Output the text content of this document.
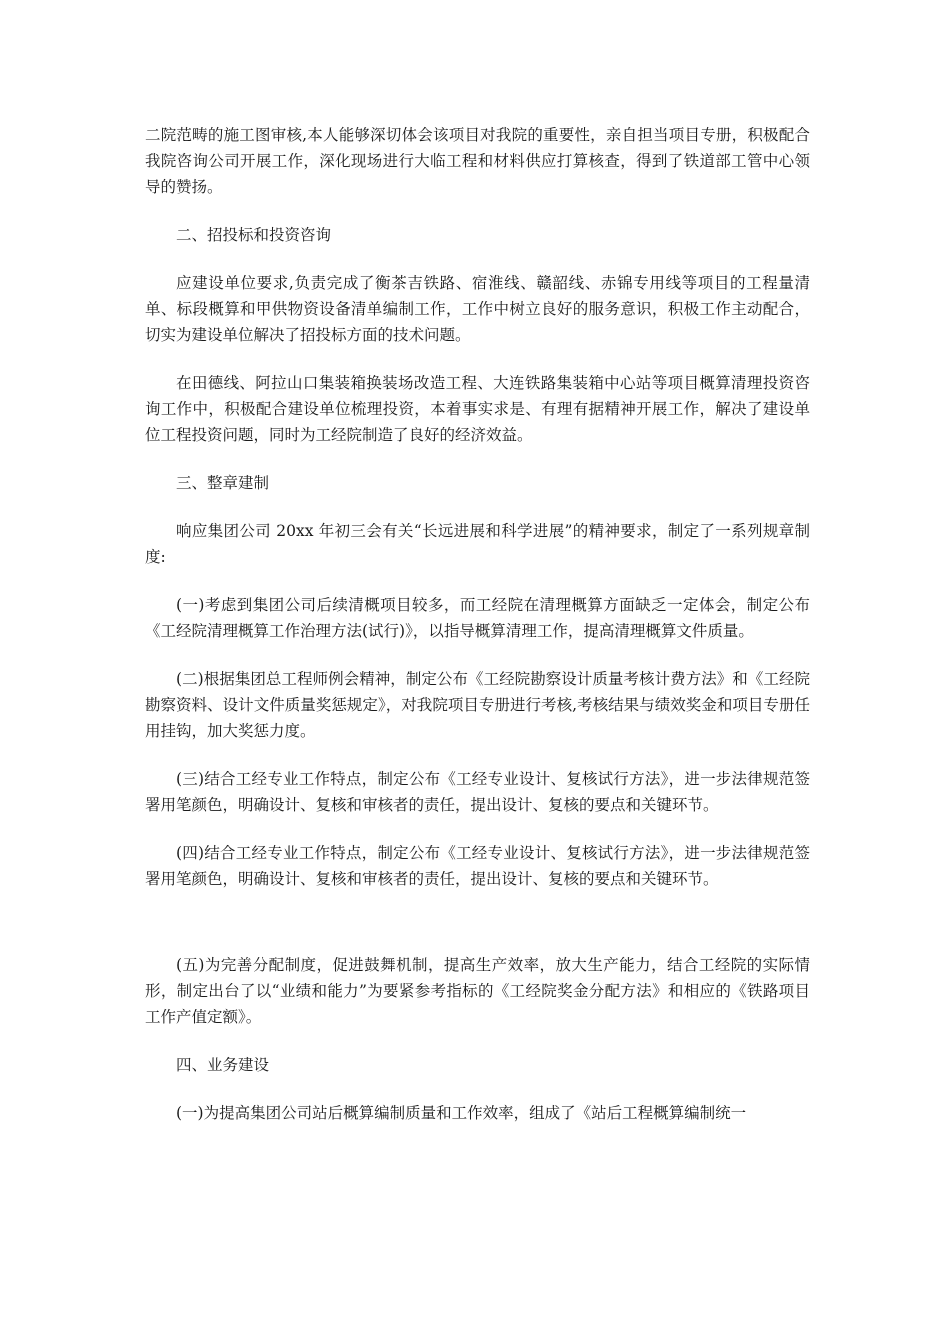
二院范畴的施工图审核,本人能够深切体会该项目对我院的重要性，亲自担当项目专册，积极配合我院咨询公司开展工作，深化现场进行大临工程和材料供应打算核查，得到了铁道部工管中心领导的赞扬。

二、招投标和投资咨询

应建设单位要求,负责完成了衡茶吉铁路、宿淮线、赣韶线、赤锦专用线等项目的工程量清单、标段概算和甲供物资设备清单编制工作，工作中树立良好的服务意识，积极工作主动配合，切实为建设单位解决了招投标方面的技术问题。

在田德线、阿拉山口集装箱换装场改造工程、大连铁路集装箱中心站等项目概算清理投资咨询工作中，积极配合建设单位梳理投资，本着事实求是、有理有据精神开展工作，解决了建设单位工程投资问题，同时为工经院制造了良好的经济效益。

三、整章建制

响应集团公司 20xx 年初三会有关“长远进展和科学进展”的精神要求，制定了一系列规章制度:

(一)考虑到集团公司后续清概项目较多，而工经院在清理概算方面缺乏一定体会，制定公布《工经院清理概算工作治理方法(试行)》，以指导概算清理工作，提高清理概算文件质量。

(二)根据集团总工程师例会精神，制定公布《工经院勘察设计质量考核计费方法》和《工经院勘察资料、设计文件质量奖惩规定》，对我院项目专册进行考核,考核结果与绩效奖金和项目专册任用挂钩，加大奖惩力度。

(三)结合工经专业工作特点，制定公布《工经专业设计、复核试行方法》，进一步法律规范签署用笔颜色，明确设计、复核和审核者的责任，提出设计、复核的要点和关键环节。

(四)结合工经专业工作特点，制定公布《工经专业设计、复核试行方法》，进一步法律规范签署用笔颜色，明确设计、复核和审核者的责任，提出设计、复核的要点和关键环节。

(五)为完善分配制度，促进鼓舞机制，提高生产效率，放大生产能力，结合工经院的实际情形，制定出台了以“业绩和能力”为要紧参考指标的《工经院奖金分配方法》和相应的《铁路项目工作产值定额》。

四、业务建设

(一)为提高集团公司站后概算编制质量和工作效率，组成了《站后工程概算编制统一
